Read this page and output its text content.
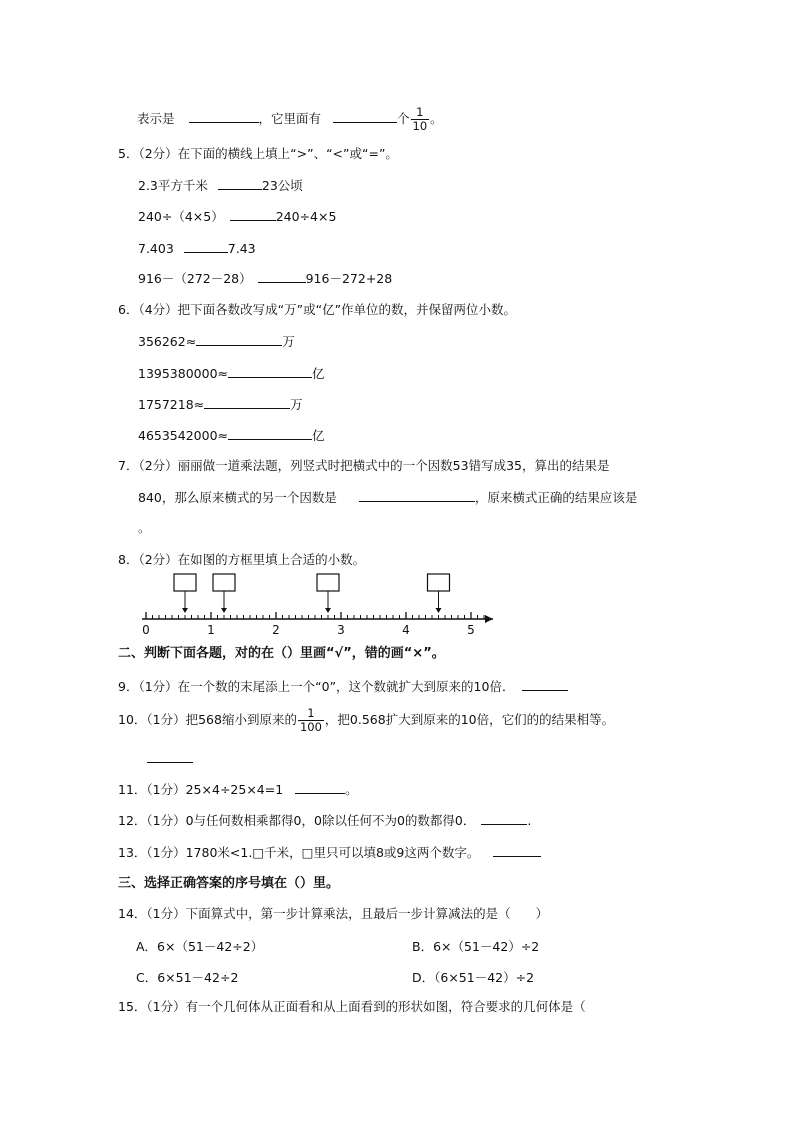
表示是	，它里面有	个 $\frac{1}{10}$ 。
5．（2分）在下面的横线上填上“>”、“<”或“=”。
2.3平方千米	23公顷
240÷（4×5）	240÷4×5
7.403	7.43
916－（272－28）	916－272+28
6．（4分）把下面各数改写成“万”或“亿”作单位的数，并保留两位小数。
356262≈	万
1395380000≈	亿
1757218≈	万
4653542000≈	亿
7．（2分）丽丽做一道乘法题，列竖式时把横式中的一个因数53错写成35，算出的结果是
840，那么原来横式的另一个因数是	，原来横式正确的结果应该是
。
8．（2分）在如图的方框里填上合适的小数。
0	1	2	3	4	5
二、判断下面各题，对的在（）里画“√”，错的画“×”。
9．（1分）在一个数的末尾添上一个“0”，这个数就扩大到原来的10倍．
10．（1分）把568缩小到原来的 $\frac{1}{100}$ ，把0.568扩大到原来的10倍，它们的的结果相等。
11．（1分）25×4÷25×4=1	。
12．（1分）0与任何数相乘都得0，0除以任何不为0的数都得0．	.
13．（1分）1780米<1.□千米，□里只可以填8或9这两个数字。
三、选择正确答案的序号填在（）里。
14．（1分）下面算式中，第一步计算乘法，且最后一步计算减法的是（　　）
A．6×（51－42÷2）	B．6×（51－42）÷2
C．6×51－42÷2	D．（6×51－42）÷2
15．（1分）有一个几何体从正面看和从上面看到的形状如图，符合要求的几何体是（
